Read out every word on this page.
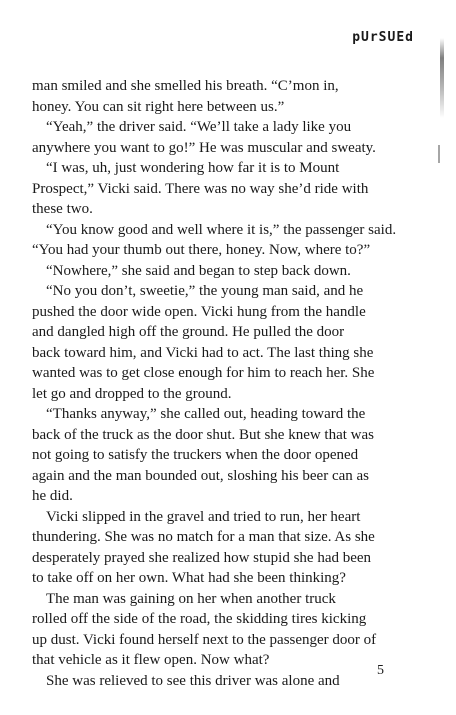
pUrSUEd
man smiled and she smelled his breath. “C’mon in,
honey. You can sit right here between us.”
“Yeah,” the driver said. “We’ll take a lady like you
anywhere you want to go!” He was muscular and sweaty.
“I was, uh, just wondering how far it is to Mount
Prospect,” Vicki said. There was no way she’d ride with
these two.
“You know good and well where it is,” the passenger said.
“You had your thumb out there, honey. Now, where to?”
“Nowhere,” she said and began to step back down.
“No you don’t, sweetie,” the young man said, and he
pushed the door wide open. Vicki hung from the handle
and dangled high off the ground. He pulled the door
back toward him, and Vicki had to act. The last thing she
wanted was to get close enough for him to reach her. She
let go and dropped to the ground.
“Thanks anyway,” she called out, heading toward the
back of the truck as the door shut. But she knew that was
not going to satisfy the truckers when the door opened
again and the man bounded out, sloshing his beer can as
he did.
Vicki slipped in the gravel and tried to run, her heart
thundering. She was no match for a man that size. As she
desperately prayed she realized how stupid she had been
to take off on her own. What had she been thinking?
The man was gaining on her when another truck
rolled off the side of the road, the skidding tires kicking
up dust. Vicki found herself next to the passenger door of
that vehicle as it flew open. Now what?
She was relieved to see this driver was alone and
5
